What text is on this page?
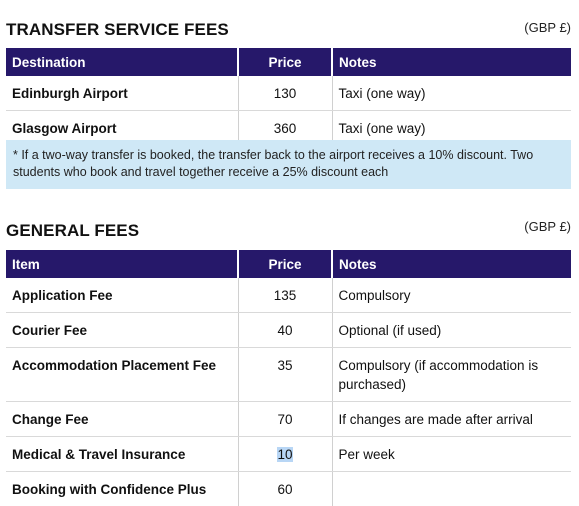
TRANSFER SERVICE FEES	(GBP £)
Destination	Price	Notes
Edinburgh Airport	130	Taxi (one way)
Glasgow Airport	360	Taxi (one way)
* If a two-way transfer is booked, the transfer back to the airport receives a 10% discount. Two students who book and travel together receive a 25% discount each
GENERAL FEES	(GBP £)
Item	Price	Notes
Application Fee	135	Compulsory
Courier Fee	40	Optional (if used)
Accommodation Placement Fee	35	Compulsory (if accommodation is purchased)
Change Fee	70	If changes are made after arrival
Medical & Travel Insurance	10	Per week
Booking with Confidence Plus	60	
